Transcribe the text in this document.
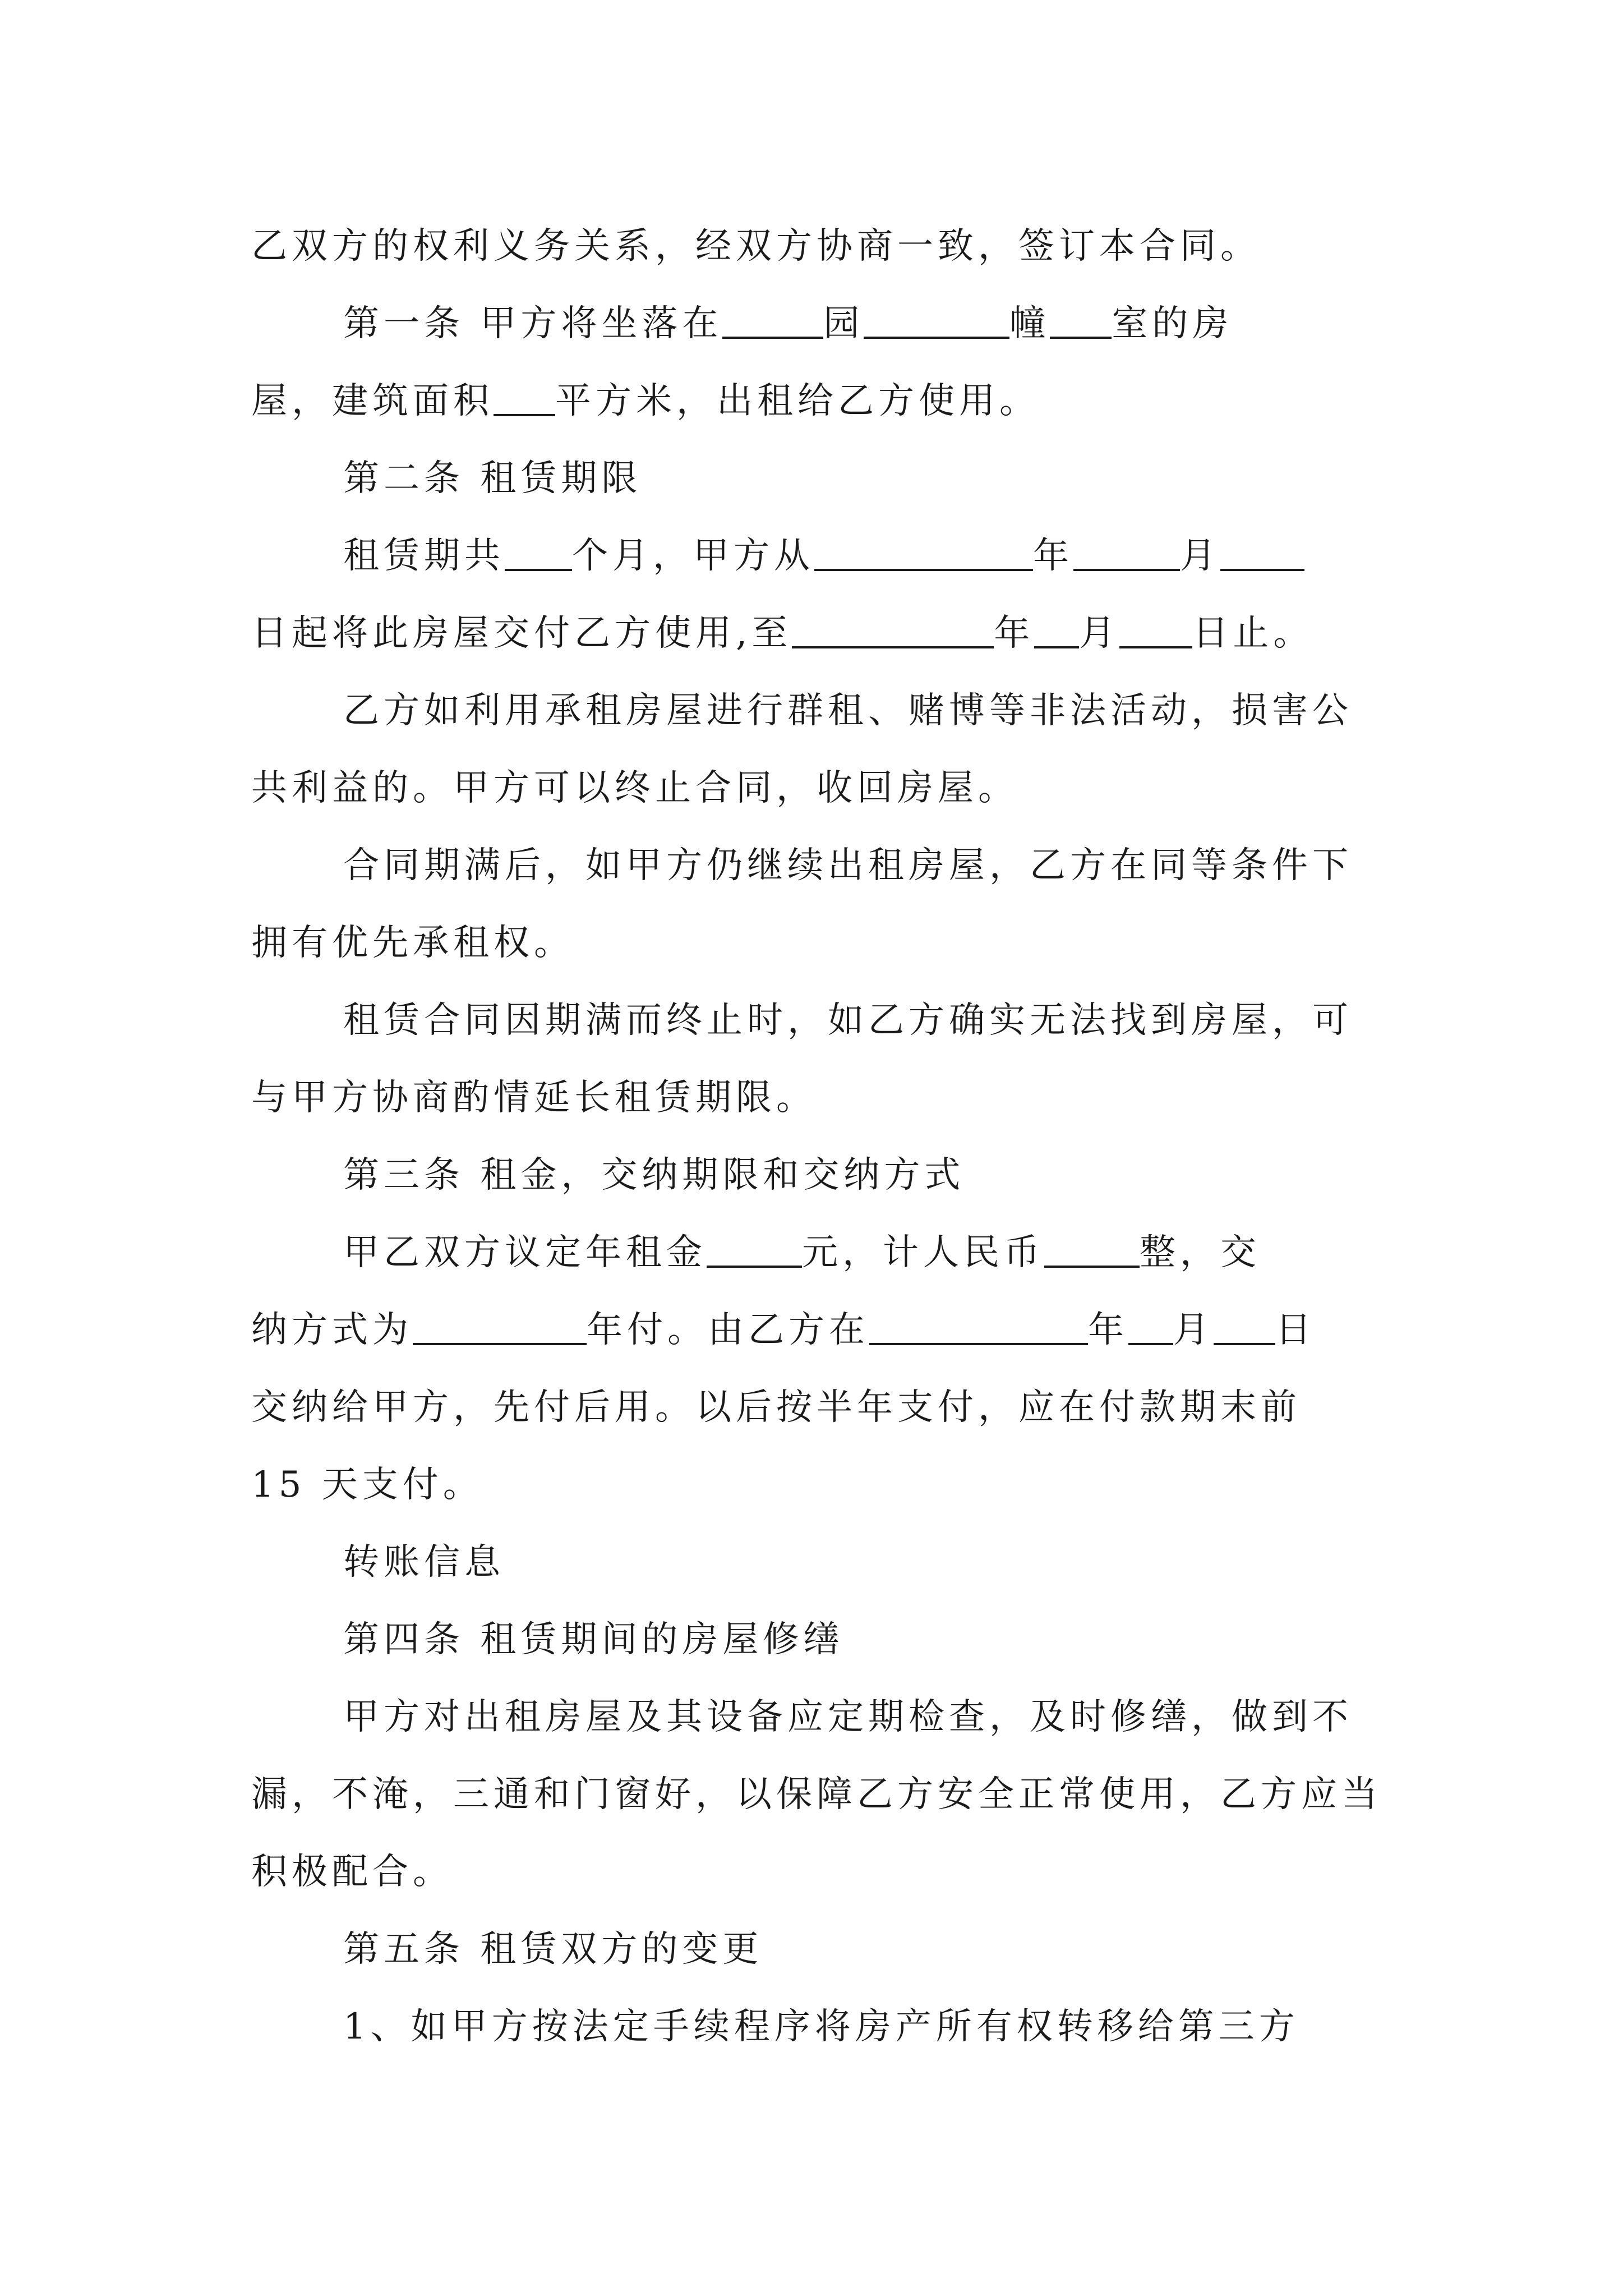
乙双方的权利义务关系，经双方协商一致，签订本合同。

第一条 甲方将坐落在	园	幢 室的房
屋，建筑面积 平方米，出租给乙方使用。

第二条 租赁期限

租赁期共 个月，甲方从	年	月
日起将此房屋交付乙方使用,至	年 月 日止。

乙方如利用承租房屋进行群租、赌博等非法活动，损害公共利益的。甲方可以终止合同，收回房屋。

合同期满后，如甲方仍继续出租房屋，乙方在同等条件下拥有优先承租权。

租赁合同因期满而终止时，如乙方确实无法找到房屋，可与甲方协商酌情延长租赁期限。

第三条 租金，交纳期限和交纳方式

甲乙双方议定年租金	元，计人民币	整，交
纳方式为	年付。由乙方在	年 月 日
交纳给甲方，先付后用。以后按半年支付，应在付款期末前
15 天支付。

转账信息

第四条 租赁期间的房屋修缮

甲方对出租房屋及其设备应定期检查，及时修缮，做到不漏，不淹，三通和门窗好，以保障乙方安全正常使用，乙方应当积极配合。

第五条 租赁双方的变更

1、如甲方按法定手续程序将房产所有权转移给第三方
